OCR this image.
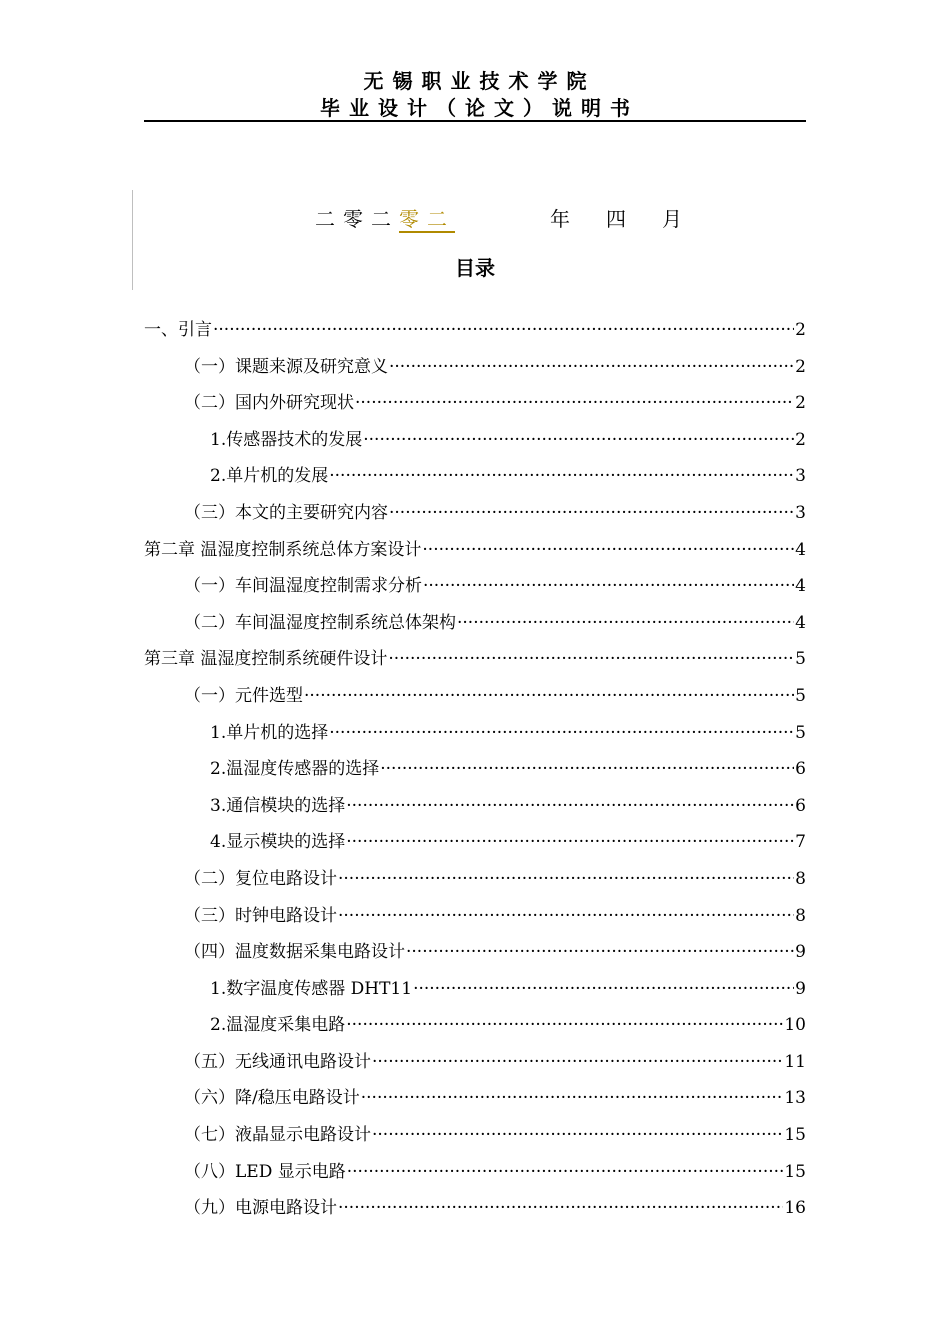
无锡职业技术学院
毕业设计（论文）说明书
二零二零二	年 四 月
目录
一、引言 ·····	2
（一）课题来源及研究意义 ·····	2
（二）国内外研究现状 ·····	2
1.传感器技术的发展 ·····	2
2.单片机的发展 ·····	3
（三）本文的主要研究内容 ·····	3
第二章 温湿度控制系统总体方案设计 ·····	4
（一）车间温湿度控制需求分析 ·····	4
（二）车间温湿度控制系统总体架构 ·····	4
第三章 温湿度控制系统硬件设计 ·····	5
（一）元件选型 ·····	5
1.单片机的选择 ·····	5
2.温湿度传感器的选择 ·····	6
3.通信模块的选择 ·····	6
4.显示模块的选择 ·····	7
（二）复位电路设计 ·····	8
（三）时钟电路设计 ·····	8
（四）温度数据采集电路设计 ·····	9
1.数字温度传感器 DHT11 ·····	9
2.温湿度采集电路 ·····	10
（五）无线通讯电路设计 ·····	11
（六）降/稳压电路设计 ·····	13
（七）液晶显示电路设计 ·····	15
（八）LED 显示电路 ·····	15
（九）电源电路设计 ·····	16
